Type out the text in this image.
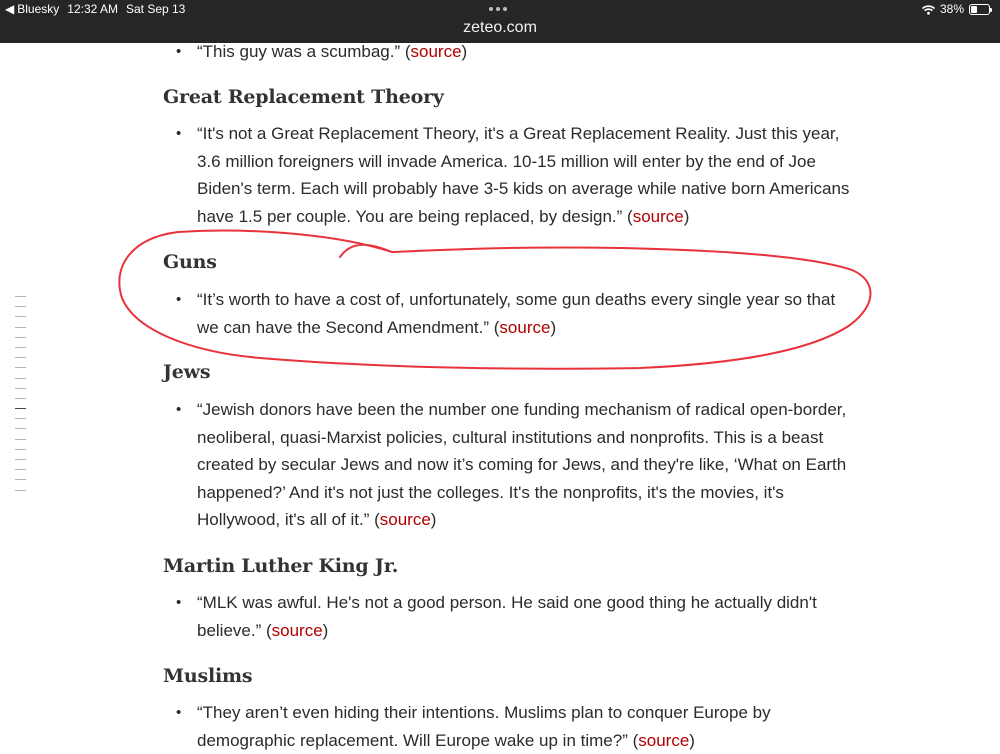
◀ Bluesky 12:32 AM Sat Sep 13	38%
zeteo.com
• “This guy was a scumbag.” (source)
Great Replacement Theory
• “It's not a Great Replacement Theory, it's a Great Replacement Reality. Just this year, 3.6 million foreigners will invade America. 10-15 million will enter by the end of Joe Biden's term. Each will probably have 3-5 kids on average while native born Americans have 1.5 per couple. You are being replaced, by design.” (source)
Guns
• “It’s worth to have a cost of, unfortunately, some gun deaths every single year so that we can have the Second Amendment.” (source)
Jews
• “Jewish donors have been the number one funding mechanism of radical open-border, neoliberal, quasi-Marxist policies, cultural institutions and nonprofits. This is a beast created by secular Jews and now it’s coming for Jews, and they're like, ‘What on Earth happened?’ And it's not just the colleges. It's the nonprofits, it's the movies, it's Hollywood, it's all of it.” (source)
Martin Luther King Jr.
• “MLK was awful. He's not a good person. He said one good thing he actually didn't believe.” (source)
Muslims
• “They aren’t even hiding their intentions. Muslims plan to conquer Europe by demographic replacement. Will Europe wake up in time?” (source)
